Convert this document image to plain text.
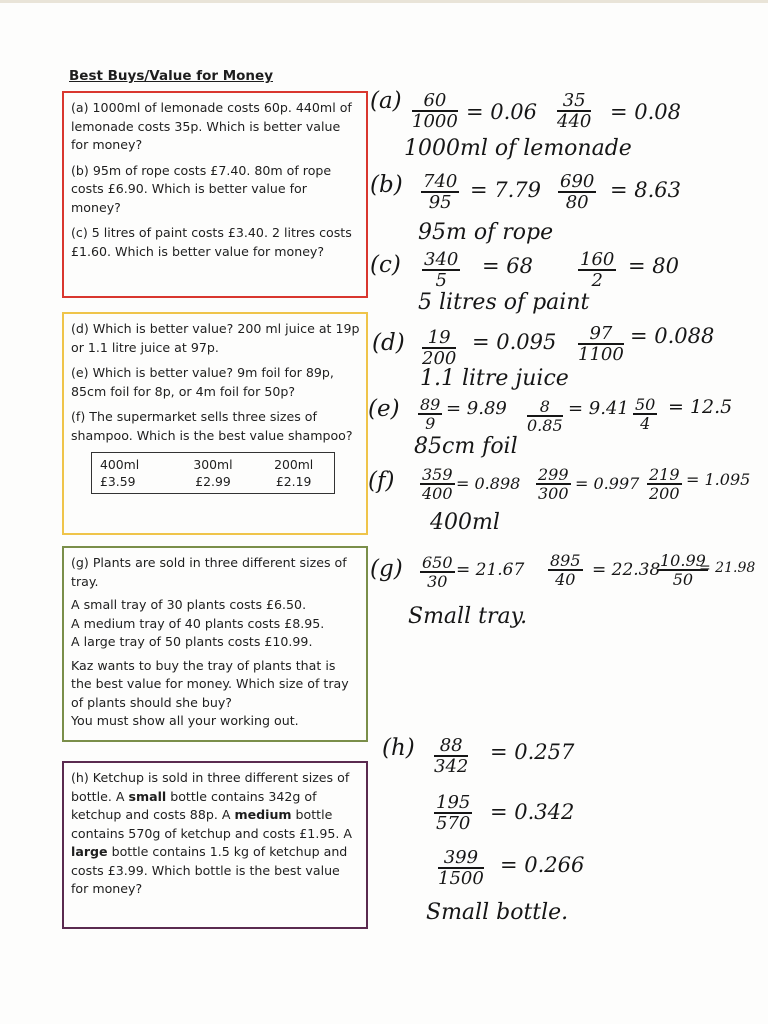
Best Buys/Value for Money

(a) 1000ml of lemonade costs 60p. 440ml of lemonade costs 35p. Which is better value for money?

(b) 95m of rope costs £7.40. 80m of rope costs £6.90. Which is better value for money?

(c) 5 litres of paint costs £3.40. 2 litres costs £1.60. Which is better value for money?

(d) Which is better value? 200 ml juice at 19p or 1.1 litre juice at 97p.

(e) Which is better value? 9m foil for 89p, 85cm foil for 8p, or 4m foil for 50p?

(f) The supermarket sells three sizes of shampoo. Which is the best value shampoo?

400ml	300ml	200ml
£3.59	£2.99	£2.19

(g) Plants are sold in three different sizes of tray.

A small tray of 30 plants costs £6.50.
A medium tray of 40 plants costs £8.95.
A large tray of 50 plants costs £10.99.

Kaz wants to buy the tray of plants that is the best value for money. Which size of tray of plants should she buy?
You must show all your working out.

(h) Ketchup is sold in three different sizes of bottle. A small bottle contains 342g of ketchup and costs 88p. A medium bottle contains 570g of ketchup and costs £1.95. A large bottle contains 1.5 kg of ketchup and costs £3.99. Which bottle is the best value for money?

$(a) \frac{60}{1000} = 0.06 \frac{35}{440} = 0.08$
1000ml of lemonade
$(b) \frac{740}{95} = 7.79 \frac{690}{80} = 8.63$
95m of rope
$(c) \frac{340}{5} = 68$	$\frac{160}{2} = 80$
5 litres of paint
$(d) \frac{19}{200} = 0.095 \frac{97}{1100} = 0.088$
1.1 litre juice
$(e) \frac{89}{9} = 9.89 \frac{8}{0.85} = 9.41 \frac{50}{4} = 12.5$
85cm foil
$(f) \frac{359}{400} = 0.898 \frac{299}{300} = 0.997 \frac{219}{200} = 1.095$
400ml
$(g) \frac{650}{30} = 21.67 \frac{895}{40} = 22.38$
$\frac{10.99}{50}$
= 21.98
Small tray.
$(h) \frac{88}{342} = 0.257$
$\frac{195}{570} = 0.342$
$\frac{399}{1500} = 0.266$
Small bottle.
